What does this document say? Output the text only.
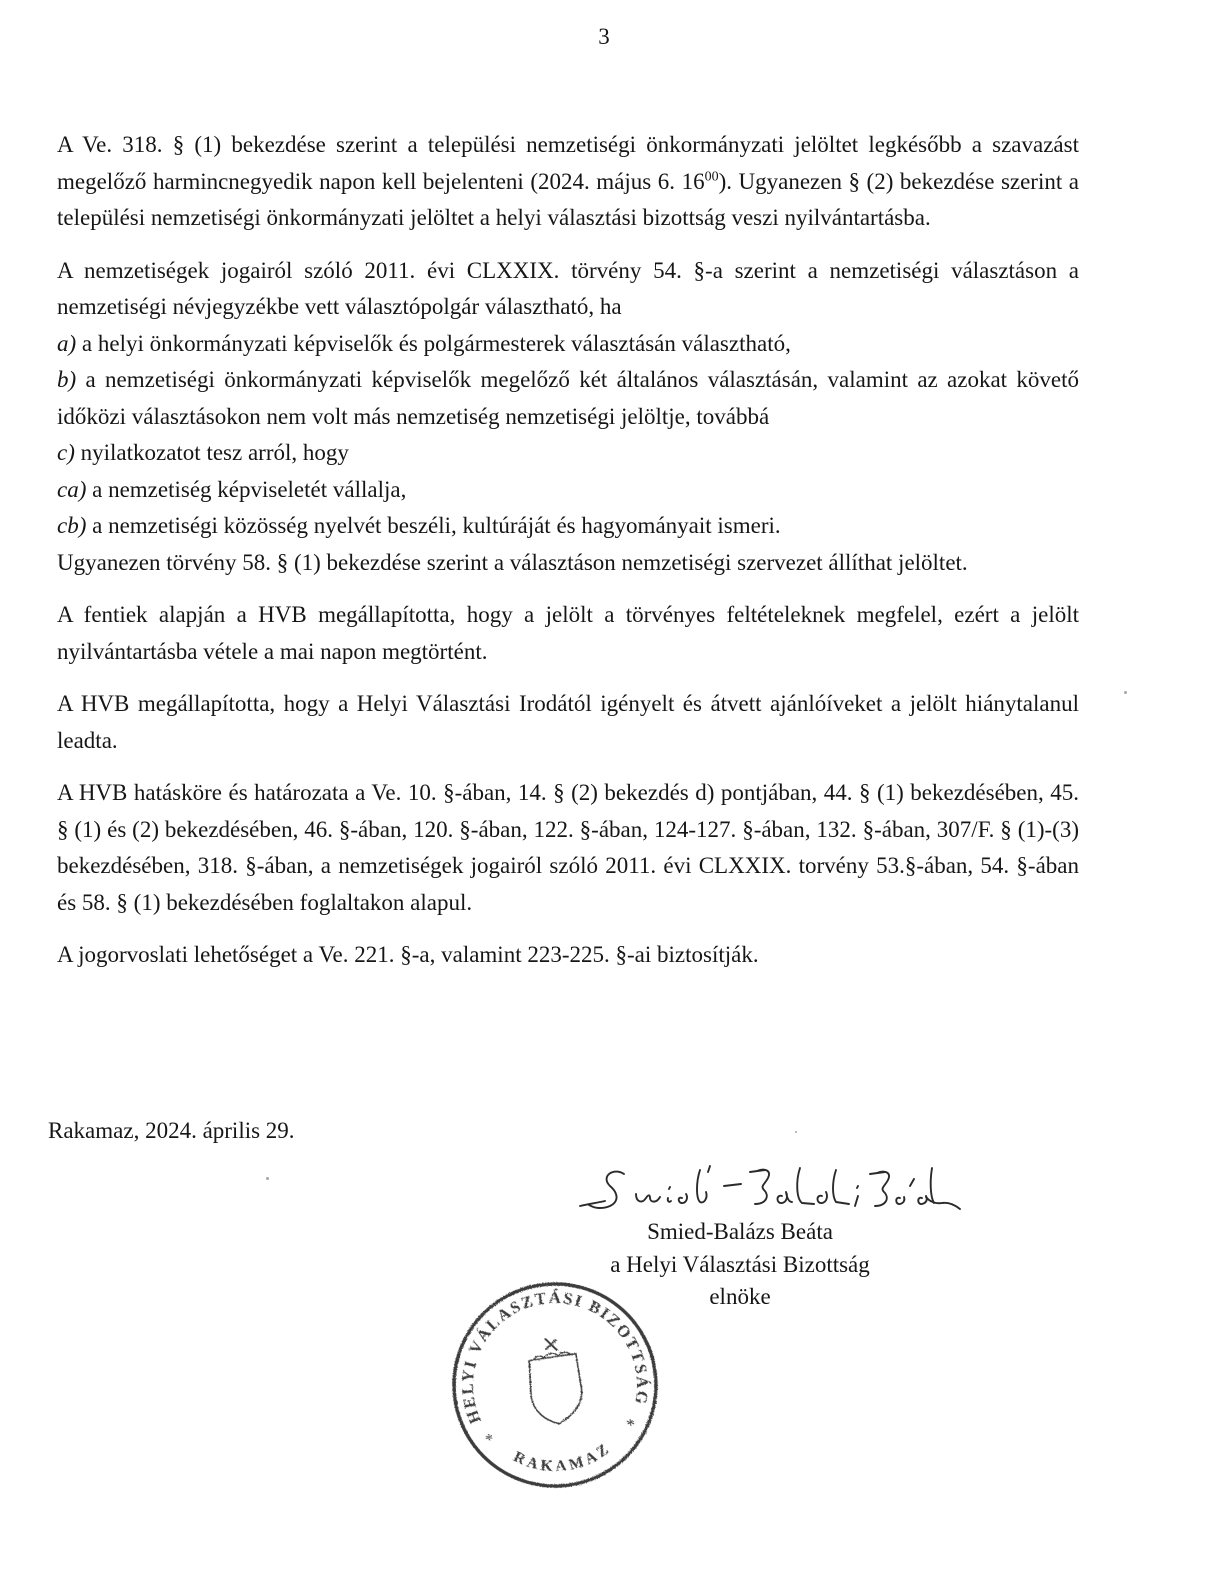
3

A Ve. 318. § (1) bekezdése szerint a települési nemzetiségi önkormányzati jelöltet legkésőbb a szavazást megelőző harmincnegyedik napon kell bejelenteni (2024. május 6. $16^{00}$). Ugyanezen § (2) bekezdése szerint a települési nemzetiségi önkormányzati jelöltet a helyi választási bizottság veszi nyilvántartásba.

A nemzetiségek jogairól szóló 2011. évi CLXXIX. törvény 54. §-a szerint a nemzetiségi választáson a nemzetiségi névjegyzékbe vett választópolgár választható, ha

a) a helyi önkormányzati képviselők és polgármesterek választásán választható,

b) a nemzetiségi önkormányzati képviselők megelőző két általános választásán, valamint az azokat követő időközi választásokon nem volt más nemzetiség nemzetiségi jelöltje, továbbá

c) nyilatkozatot tesz arról, hogy

ca) a nemzetiség képviseletét vállalja,

cb) a nemzetiségi közösség nyelvét beszéli, kultúráját és hagyományait ismeri.

Ugyanezen törvény 58. § (1) bekezdése szerint a választáson nemzetiségi szervezet állíthat jelöltet.

A fentiek alapján a HVB megállapította, hogy a jelölt a törvényes feltételeknek megfelel, ezért a jelölt nyilvántartásba vétele a mai napon megtörtént.

A HVB megállapította, hogy a Helyi Választási Irodától igényelt és átvett ajánlóíveket a jelölt hiánytalanul leadta.

A HVB hatásköre és határozata a Ve. 10. §-ában, 14. § (2) bekezdés d) pontjában, 44. § (1) bekezdésében, 45. § (1) és (2) bekezdésében, 46. §-ában, 120. §-ában, 122. §-ában, 124-127. §-ában, 132. §-ában, 307/F. § (1)-(3) bekezdésében, 318. §-ában, a nemzetiségek jogairól szóló 2011. évi CLXXIX. torvény 53.§-ában, 54. §-ában és 58. § (1) bekezdésében foglaltakon alapul.

A jogorvoslati lehetőséget a Ve. 221. §-a, valamint 223-225. §-ai biztosítják.

Rakamaz, 2024. április 29.
Smied-Balázs Beáta
a Helyi Választási Bizottság
elnöke
HELYI VÁLASZTÁSI BIZOTTSÁG
RAKAMAZ
*
*
